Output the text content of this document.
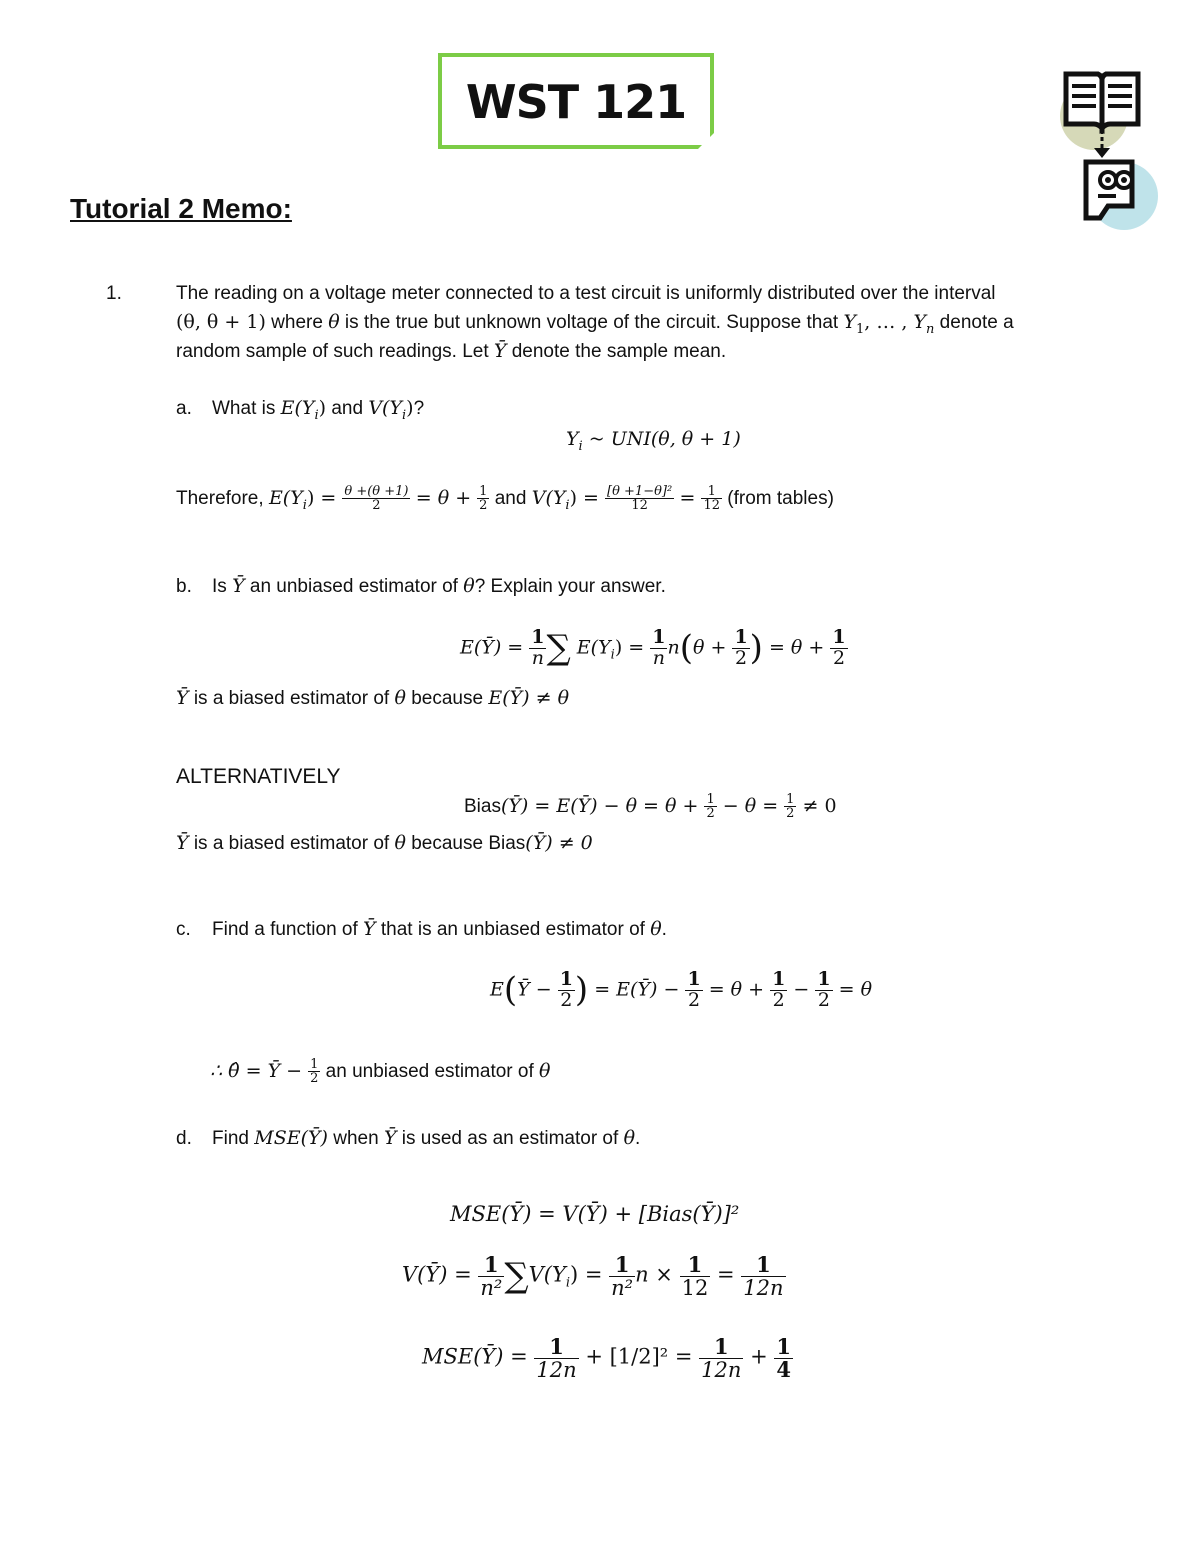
WST 121
Tutorial 2 Memo:
1.	The reading on a voltage meter connected to a test circuit is uniformly distributed over the interval
(θ, θ + 1) where θ is the true but unknown voltage of the circuit. Suppose that $Y_1$, … , $Y_n$ denote a
random sample of such readings. Let Ȳ denote the sample mean.
a. What is $E(Y_i)$ and $V(Y_i)$?
$Y_i$ ~ UNI(θ, θ + 1)
Therefore, $E(Y_i) = \frac{\theta +(\theta +1)}{2} = \theta + \frac{1}{2}$ and $V(Y_i) = \frac{\text{[θ +1−θ]²}}{12} = \frac{1}{12}$ (from tables)
b. Is Ȳ an unbiased estimator of θ? Explain your answer.
E(Ȳ) = $\frac{1}{n}$ ∑ $E(Y_i) = \frac{1}{n} n(\theta + \frac{1}{2}$ ) = $\theta + \frac{1}{2}$
Ȳ is a biased estimator of θ because E(Ȳ) ≠ θ
ALTERNATIVELY
Bias(Ȳ) = E(Ȳ) − $\theta = \theta + \frac{1}{2} - \theta = \frac{1}{2} \ne 0$
Ȳ is a biased estimator of θ because Bias(Ȳ) ≠ 0
c. Find a function of Ȳ that is an unbiased estimator of θ.
E(Ȳ − $\frac{1}{2}$ ) = E(Ȳ) − $\frac{1}{2} = \theta + \frac{1}{2} - \frac{1}{2} = \theta$
∴ θ̂ = Ȳ − $\frac{1}{2}$ an unbiased estimator of θ
d. Find MSE(Ȳ) when Ȳ is used as an estimator of θ.
MSE(Ȳ) = V(Ȳ) + [Bias(Ȳ)]²
V(Ȳ) = $\frac{1}{\text{n²}} \sum V(Y_i) = \frac{1}{\text{n²}}$ $n \times \frac{1}{12} = \frac{1}{12n}$
MSE(Ȳ) = $\frac{1}{12n} + [1/2]^2 = \frac{1}{12n} + \frac{1}{4}$
